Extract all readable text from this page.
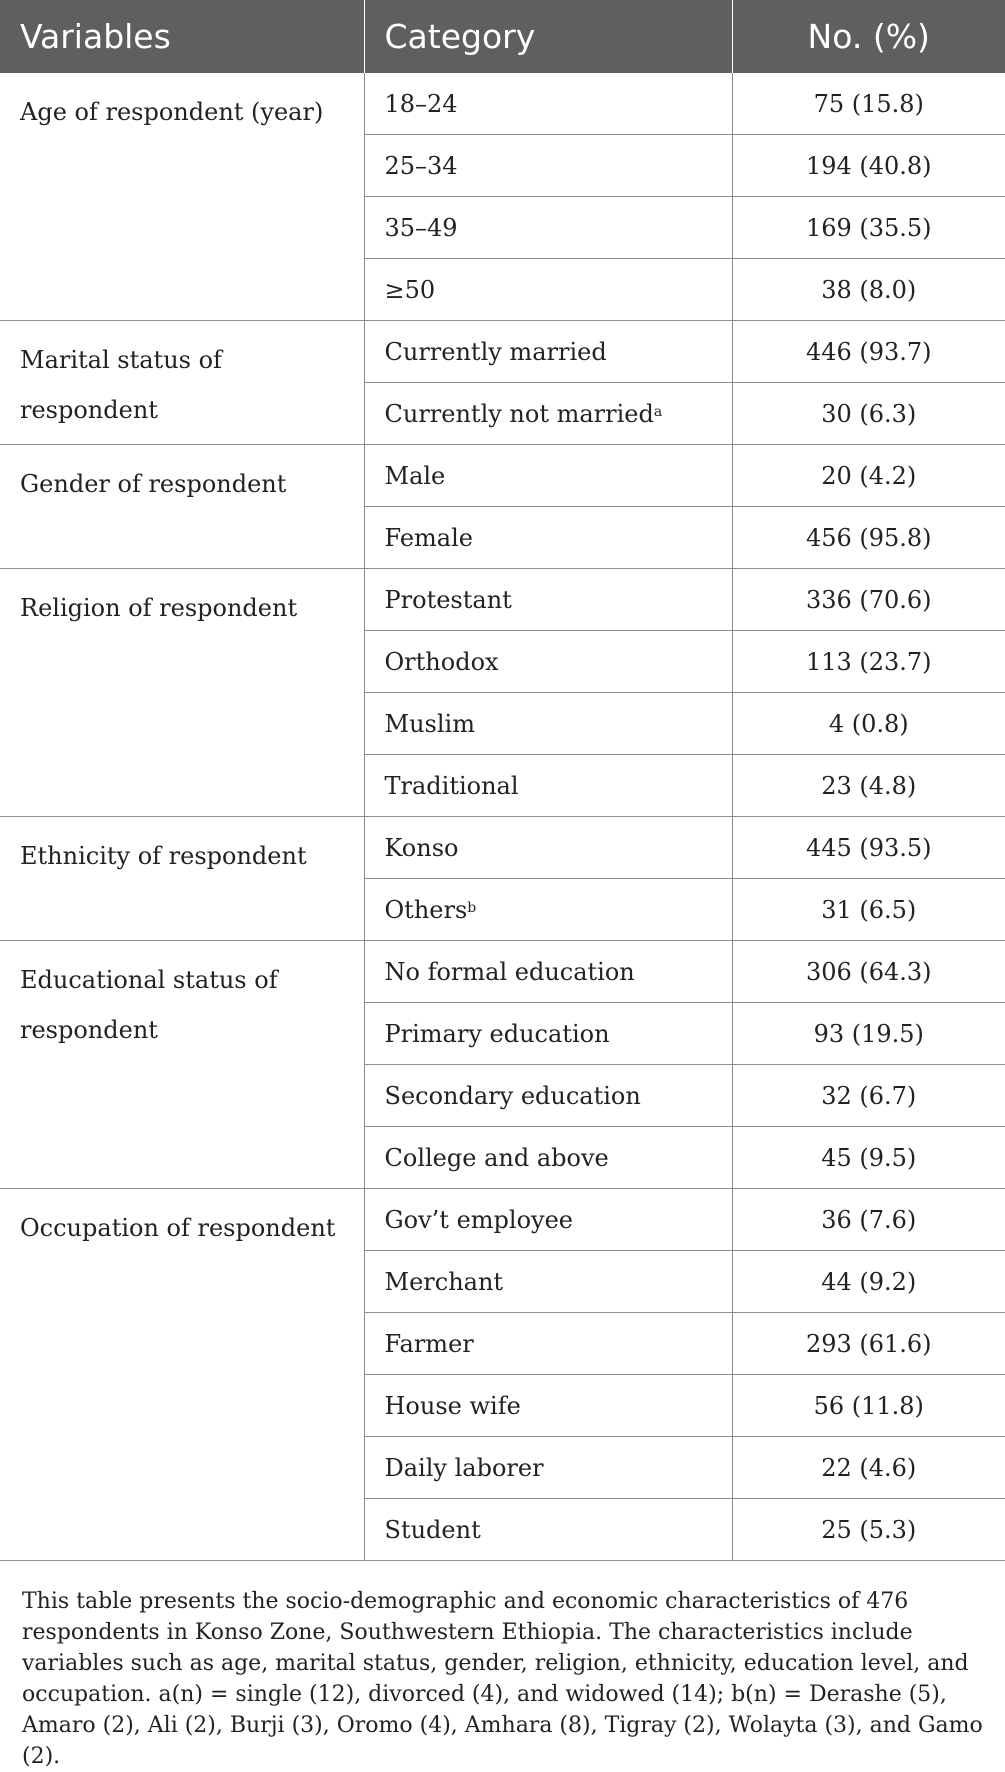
Variables	Category	No. (%)
Age of respondent (year)	18–24	75 (15.8)
	25–34	194 (40.8)
	35–49	169 (35.5)
	≥50	38 (8.0)

Marital status of
respondent	Currently married	446 (93.7)
	Currently not married$^a$	30 (6.3)
Gender of respondent	Male	20 (4.2)
	Female	456 (95.8)
Religion of respondent	Protestant	336 (70.6)
	Orthodox	113 (23.7)
	Muslim	4 (0.8)
	Traditional	23 (4.8)
Ethnicity of respondent	Konso	445 (93.5)
	Others$^b$	31 (6.5)

Educational status of
respondent	No formal education	306 (64.3)
	Primary education	93 (19.5)
	Secondary education	32 (6.7)
	College and above	45 (9.5)
Occupation of respondent	Gov’t employee	36 (7.6)
	Merchant	44 (9.2)
	Farmer	293 (61.6)
	House wife	56 (11.8)
	Daily laborer	22 (4.6)
	Student	25 (5.3)

This table presents the socio-demographic and economic characteristics of 476 respondents in Konso Zone, Southwestern Ethiopia. The characteristics include variables such as age, marital status, gender, religion, ethnicity, education level, and occupation. a(n) = single (12), divorced (4), and widowed (14); b(n) = Derashe (5), Amaro (2), Ali (2), Burji (3), Oromo (4), Amhara (8), Tigray (2), Wolayta (3), and Gamo (2).
